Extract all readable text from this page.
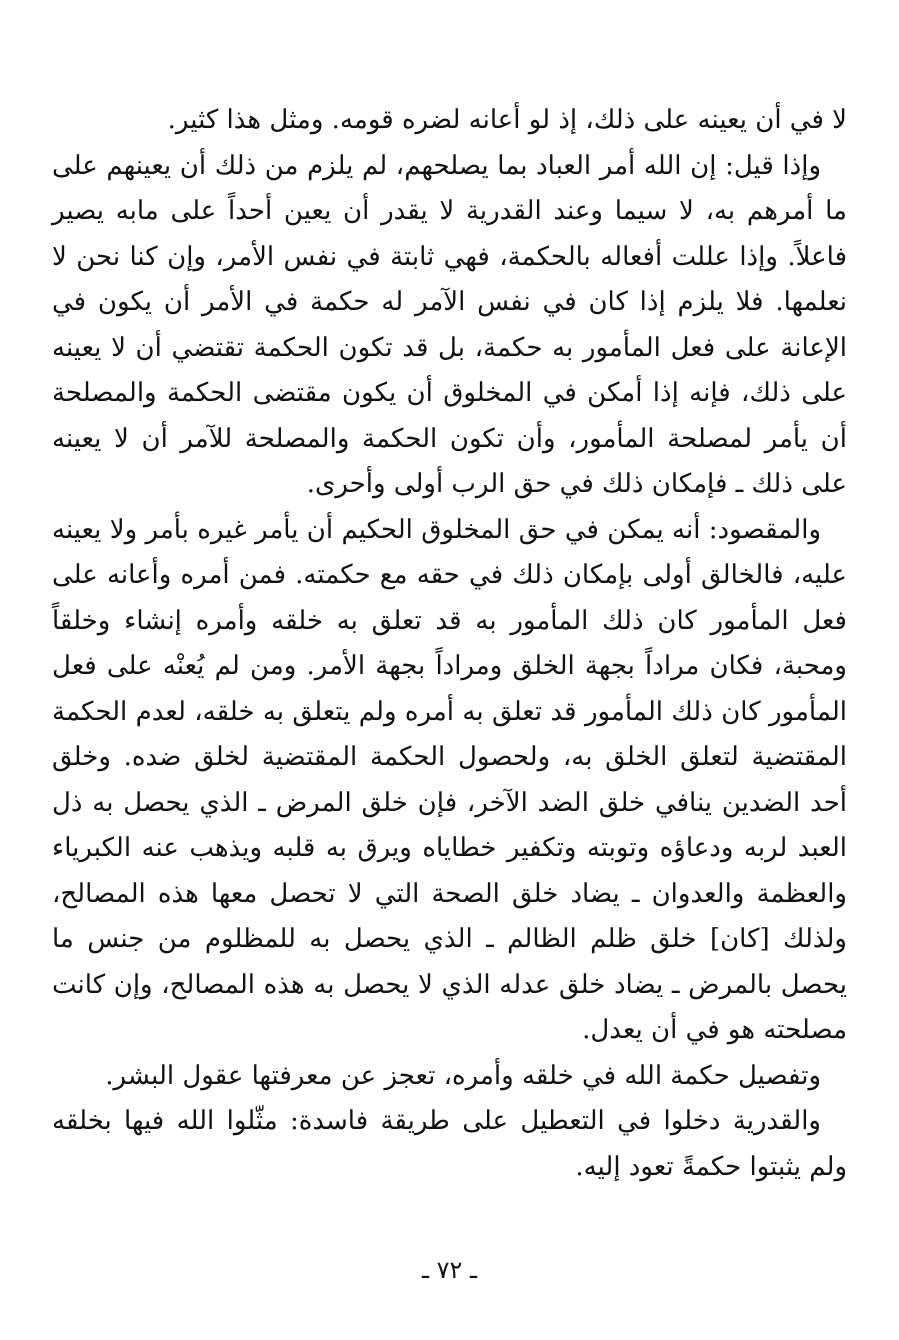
لا في أن يعينه على ذلك، إذ لو أعانه لضره قومه. ومثل هذا كثير.

وإذا قيل: إن الله أمر العباد بما يصلحهم، لم يلزم من ذلك أن يعينهم على ما أمرهم به، لا سيما وعند القدرية لا يقدر أن يعين أحداً على مابه يصير فاعلاً. وإذا عللت أفعاله بالحكمة، فهي ثابتة في نفس الأمر، وإن كنا نحن لا نعلمها. فلا يلزم إذا كان في نفس الآمر له حكمة في الأمر أن يكون في الإعانة على فعل المأمور به حكمة، بل قد تكون الحكمة تقتضي أن لا يعينه على ذلك، فإنه إذا أمكن في المخلوق أن يكون مقتضى الحكمة والمصلحة أن يأمر لمصلحة المأمور، وأن تكون الحكمة والمصلحة للآمر أن لا يعينه على ذلك ـ فإمكان ذلك في حق الرب أولى وأحرى.

والمقصود: أنه يمكن في حق المخلوق الحكيم أن يأمر غيره بأمر ولا يعينه عليه، فالخالق أولى بإمكان ذلك في حقه مع حكمته. فمن أمره وأعانه على فعل المأمور كان ذلك المأمور به قد تعلق به خلقه وأمره إنشاء وخلقاً ومحبة، فكان مراداً بجهة الخلق ومراداً بجهة الأمر. ومن لم يُعنْه على فعل المأمور كان ذلك المأمور قد تعلق به أمره ولم يتعلق به خلقه، لعدم الحكمة المقتضية لتعلق الخلق به، ولحصول الحكمة المقتضية لخلق ضده. وخلق أحد الضدين ينافي خلق الضد الآخر، فإن خلق المرض ـ الذي يحصل به ذل العبد لربه ودعاؤه وتوبته وتكفير خطاياه ويرق به قلبه ويذهب عنه الكبرياء والعظمة والعدوان ـ يضاد خلق الصحة التي لا تحصل معها هذه المصالح، ولذلك [كان] خلق ظلم الظالم ـ الذي يحصل به للمظلوم من جنس ما يحصل بالمرض ـ يضاد خلق عدله الذي لا يحصل به هذه المصالح، وإن كانت مصلحته هو في أن يعدل.

وتفصيل حكمة الله في خلقه وأمره، تعجز عن معرفتها عقول البشر.

والقدرية دخلوا في التعطيل على طريقة فاسدة: مثّلوا الله فيها بخلقه ولم يثبتوا حكمةً تعود إليه.

ـ ٧٢ ـ
